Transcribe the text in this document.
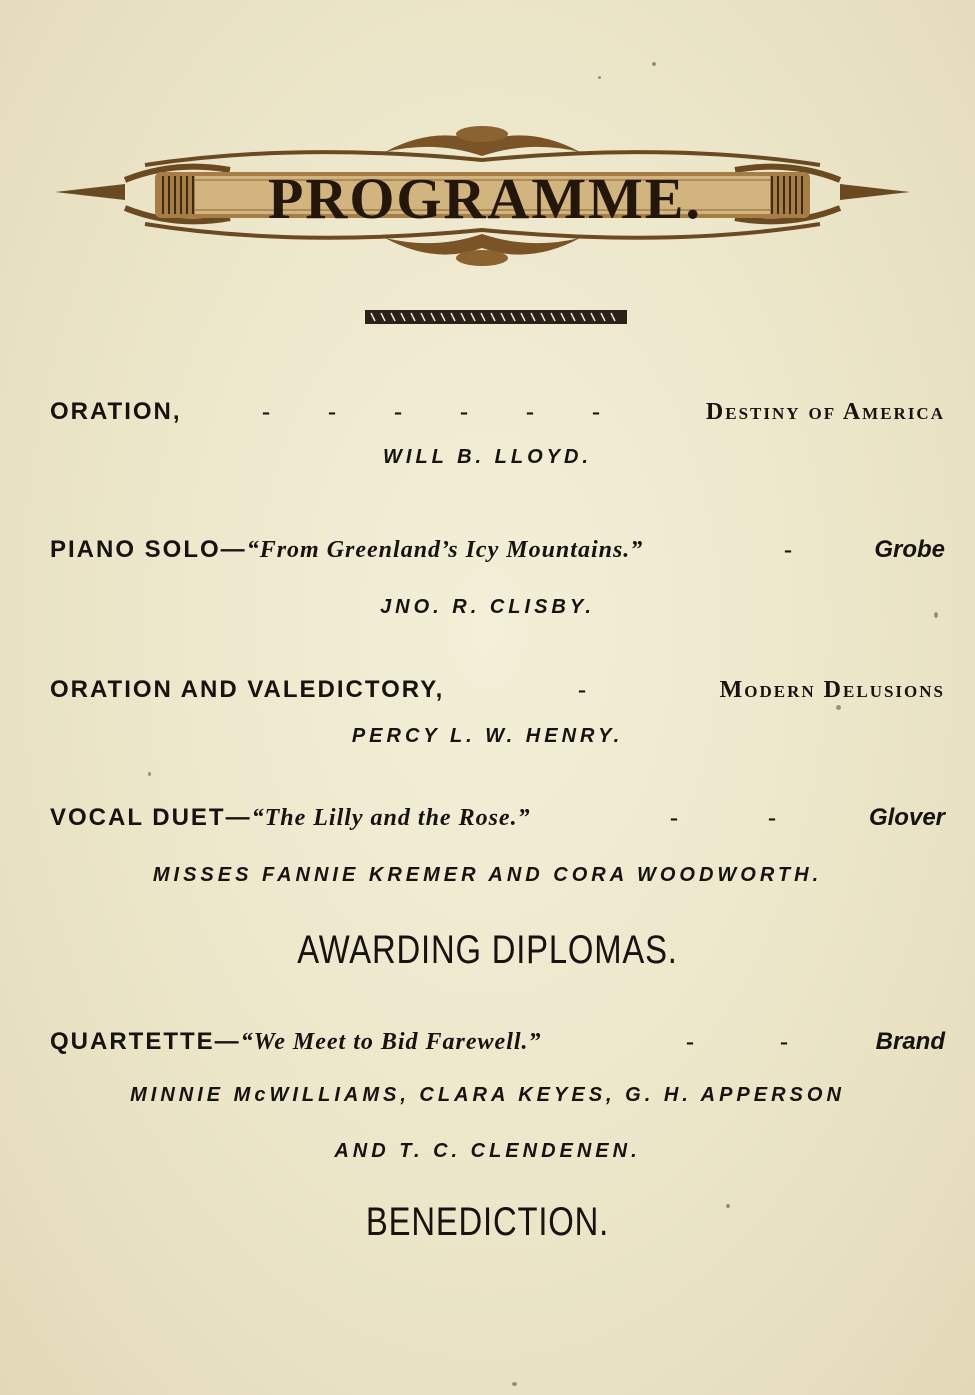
PROGRAMME.
ORATION,	------ Destiny of America
WILL B. LLOYD.
PIANO SOLO—“From Greenland’s Icy Mountains.”	-	Grobe
JNO. R. CLISBY.
ORATION AND VALEDICTORY,	-	Modern Delusions
PERCY L. W. HENRY.
VOCAL DUET—“The Lilly and the Rose.”	-- Glover
MISSES FANNIE KREMER AND CORA WOODWORTH.
AWARDING DIPLOMAS.
QUARTETTE—“We Meet to Bid Farewell.”	-- Brand
MINNIE McWILLIAMS, CLARA KEYES, G. H. APPERSON
AND T. C. CLENDENEN.
BENEDICTION.
